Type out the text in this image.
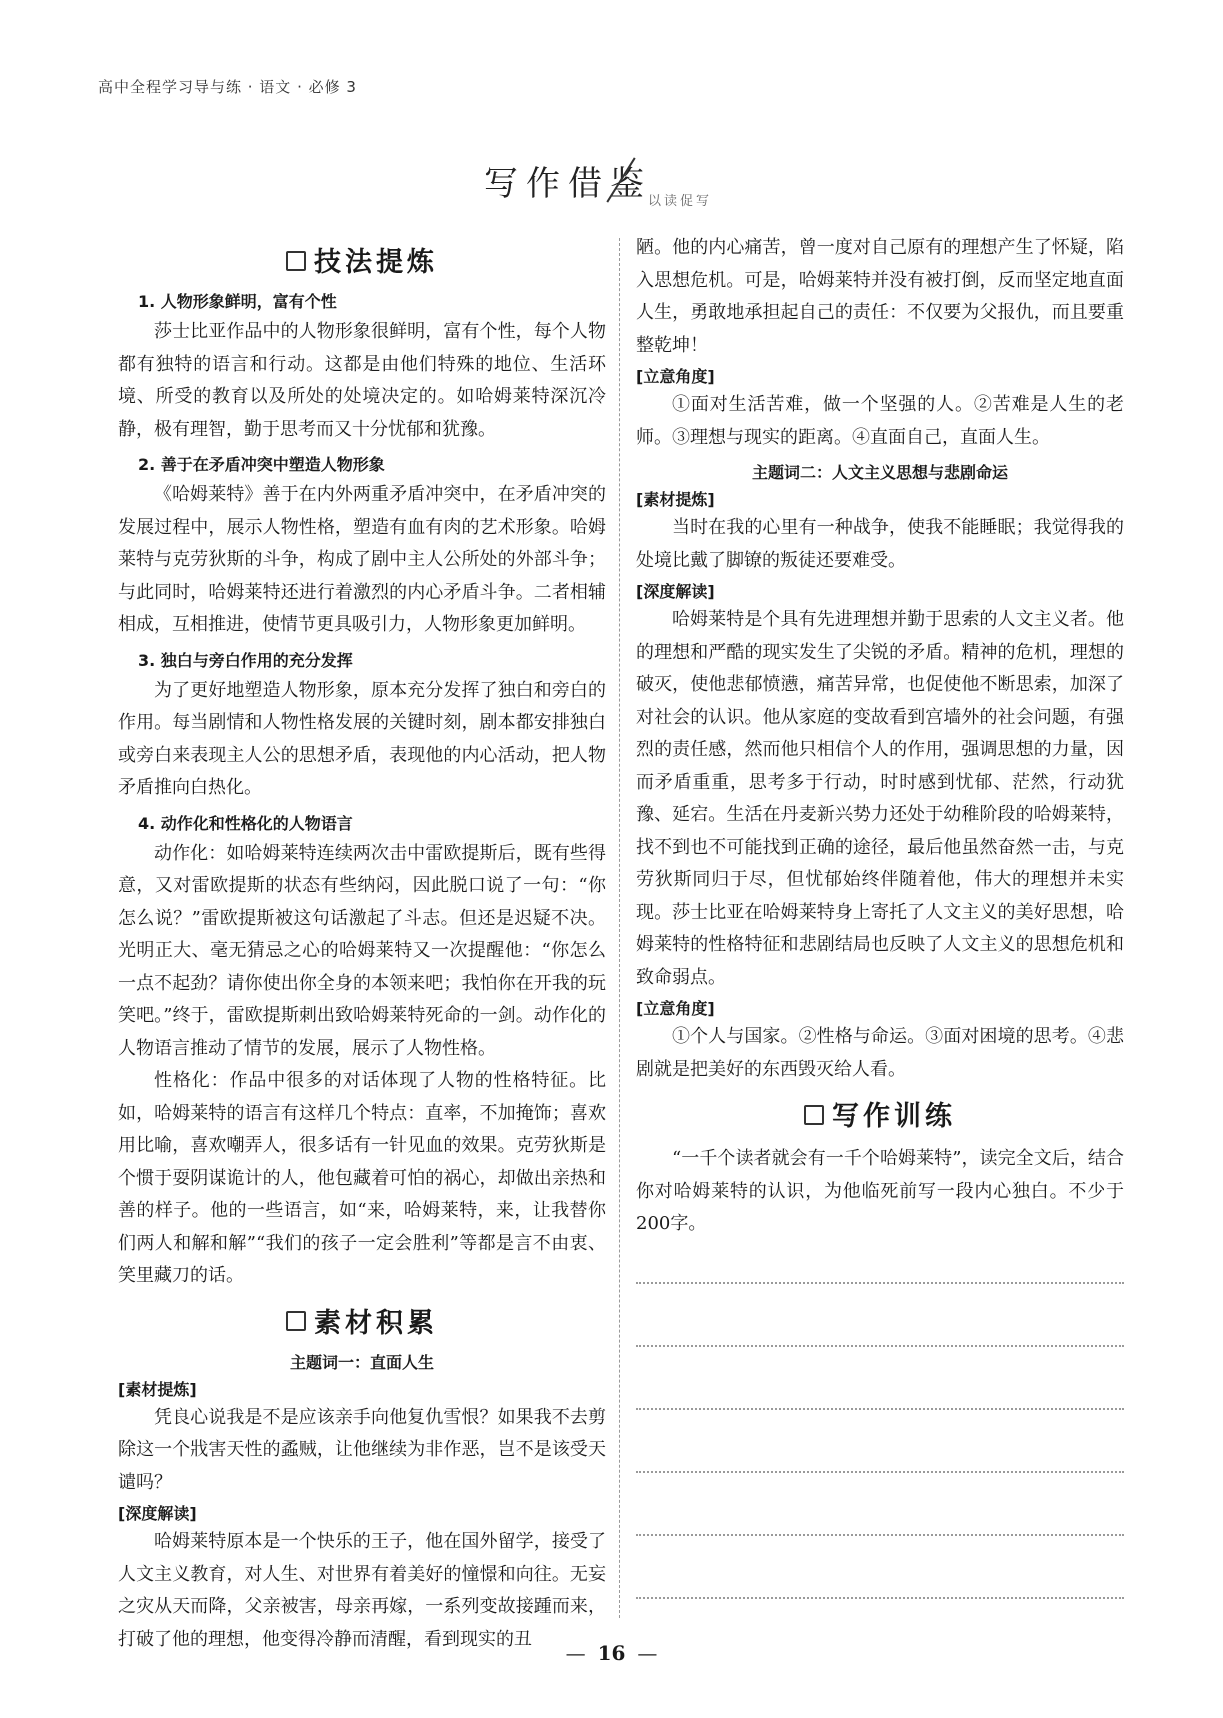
高中全程学习导与练 · 语文 · 必修 3
写作借鉴
以读促写
技法提炼
1. 人物形象鲜明，富有个性

莎士比亚作品中的人物形象很鲜明，富有个性，每个人物都有独特的语言和行动。这都是由他们特殊的地位、生活环境、所受的教育以及所处的处境决定的。如哈姆莱特深沉冷静，极有理智，勤于思考而又十分忧郁和犹豫。

2. 善于在矛盾冲突中塑造人物形象

《哈姆莱特》善于在内外两重矛盾冲突中，在矛盾冲突的发展过程中，展示人物性格，塑造有血有肉的艺术形象。哈姆莱特与克劳狄斯的斗争，构成了剧中主人公所处的外部斗争；与此同时，哈姆莱特还进行着激烈的内心矛盾斗争。二者相辅相成，互相推进，使情节更具吸引力，人物形象更加鲜明。

3. 独白与旁白作用的充分发挥

为了更好地塑造人物形象，原本充分发挥了独白和旁白的作用。每当剧情和人物性格发展的关键时刻，剧本都安排独白或旁白来表现主人公的思想矛盾，表现他的内心活动，把人物矛盾推向白热化。

4. 动作化和性格化的人物语言

动作化：如哈姆莱特连续两次击中雷欧提斯后，既有些得意，又对雷欧提斯的状态有些纳闷，因此脱口说了一句：“你怎么说？”雷欧提斯被这句话激起了斗志。但还是迟疑不决。光明正大、毫无猜忌之心的哈姆莱特又一次提醒他：“你怎么一点不起劲？请你使出你全身的本领来吧；我怕你在开我的玩笑吧。”终于，雷欧提斯刺出致哈姆莱特死命的一剑。动作化的人物语言推动了情节的发展，展示了人物性格。

性格化：作品中很多的对话体现了人物的性格特征。比如，哈姆莱特的语言有这样几个特点：直率，不加掩饰；喜欢用比喻，喜欢嘲弄人，很多话有一针见血的效果。克劳狄斯是个惯于耍阴谋诡计的人，他包藏着可怕的祸心，却做出亲热和善的样子。他的一些语言，如“来，哈姆莱特，来，让我替你们两人和解和解”“我们的孩子一定会胜利”等都是言不由衷、笑里藏刀的话。

素材积累
主题词一：直面人生
[素材提炼]

凭良心说我是不是应该亲手向他复仇雪恨？如果我不去剪除这一个戕害天性的蟊贼，让他继续为非作恶，岂不是该受天谴吗？

[深度解读]

哈姆莱特原本是一个快乐的王子，他在国外留学，接受了人文主义教育，对人生、对世界有着美好的憧憬和向往。无妄之灾从天而降，父亲被害，母亲再嫁，一系列变故接踵而来，打破了他的理想，他变得冷静而清醒，看到现实的丑

陋。他的内心痛苦，曾一度对自己原有的理想产生了怀疑，陷入思想危机。可是，哈姆莱特并没有被打倒，反而坚定地直面人生，勇敢地承担起自己的责任：不仅要为父报仇，而且要重整乾坤！

[立意角度]

①面对生活苦难，做一个坚强的人。②苦难是人生的老师。③理想与现实的距离。④直面自己，直面人生。

主题词二：人文主义思想与悲剧命运
[素材提炼]

当时在我的心里有一种战争，使我不能睡眠；我觉得我的处境比戴了脚镣的叛徒还要难受。

[深度解读]

哈姆莱特是个具有先进理想并勤于思索的人文主义者。他的理想和严酷的现实发生了尖锐的矛盾。精神的危机，理想的破灭，使他悲郁愤懑，痛苦异常，也促使他不断思索，加深了对社会的认识。他从家庭的变故看到宫墙外的社会问题，有强烈的责任感，然而他只相信个人的作用，强调思想的力量，因而矛盾重重，思考多于行动，时时感到忧郁、茫然，行动犹豫、延宕。生活在丹麦新兴势力还处于幼稚阶段的哈姆莱特，找不到也不可能找到正确的途径，最后他虽然奋然一击，与克劳狄斯同归于尽，但忧郁始终伴随着他，伟大的理想并未实现。莎士比亚在哈姆莱特身上寄托了人文主义的美好思想，哈姆莱特的性格特征和悲剧结局也反映了人文主义的思想危机和致命弱点。

[立意角度]

①个人与国家。②性格与命运。③面对困境的思考。④悲剧就是把美好的东西毁灭给人看。

写作训练

“一千个读者就会有一千个哈姆莱特”，读完全文后，结合你对哈姆莱特的认识，为他临死前写一段内心独白。不少于200字。

— 16 —
